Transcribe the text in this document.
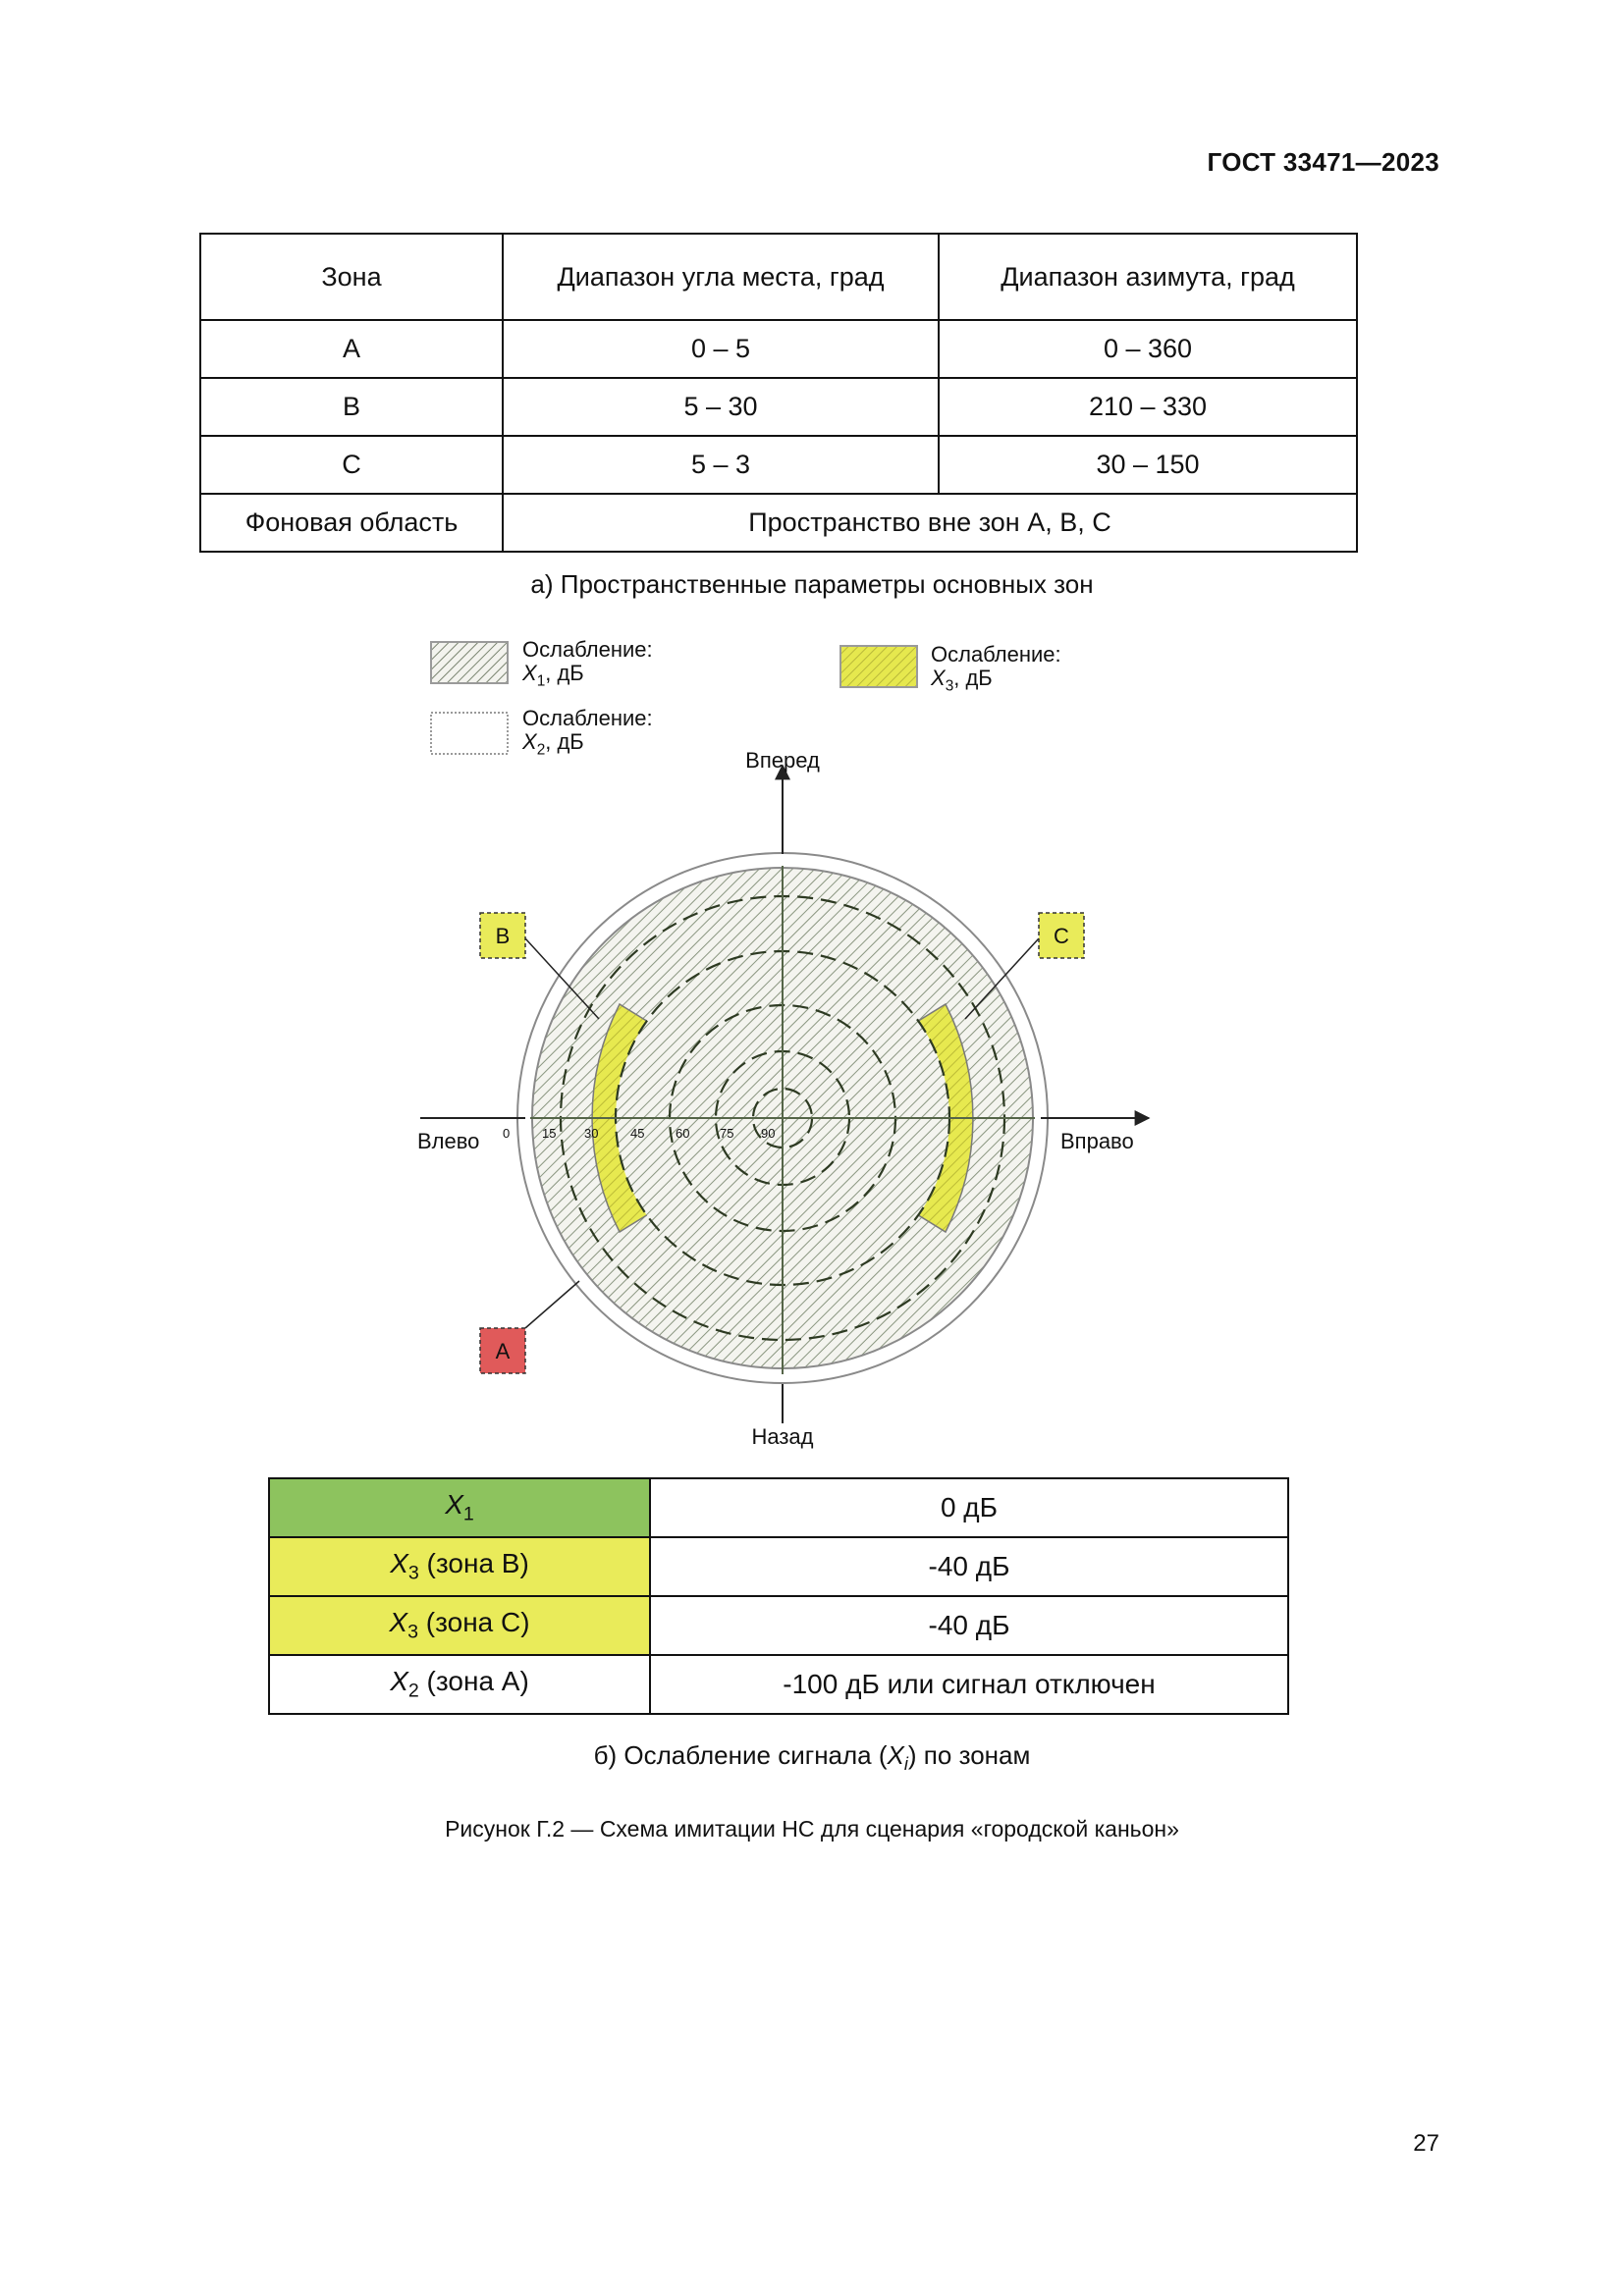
ГОСТ 33471—2023
Зона	Диапазон угла места, град	Диапазон азимута, град
A	0 – 5	0 – 360
B	5 – 30	210 – 330
C	5 – 3	30 – 150
Фоновая область	Пространство вне зон А, В, С	
а) Пространственные параметры основных зон
Ослабление:
$X_1$, дБ
Ослабление:
$X_2$, дБ
Ослабление:
$X_3$, дБ
0	15 30	45 60 75 90
Вперед
Назад
Влево	Вправо
B	C
A
$X_1$	0 дБ
$X_3$ (зона B)	-40 дБ
$X_3$ (зона C)	-40 дБ
$X_2$ (зона A)	-100 дБ или сигнал отключен
б) Ослабление сигнала $(X_i)$ по зонам
Рисунок Г.2 — Схема имитации НС для сценария «городской каньон»
27
